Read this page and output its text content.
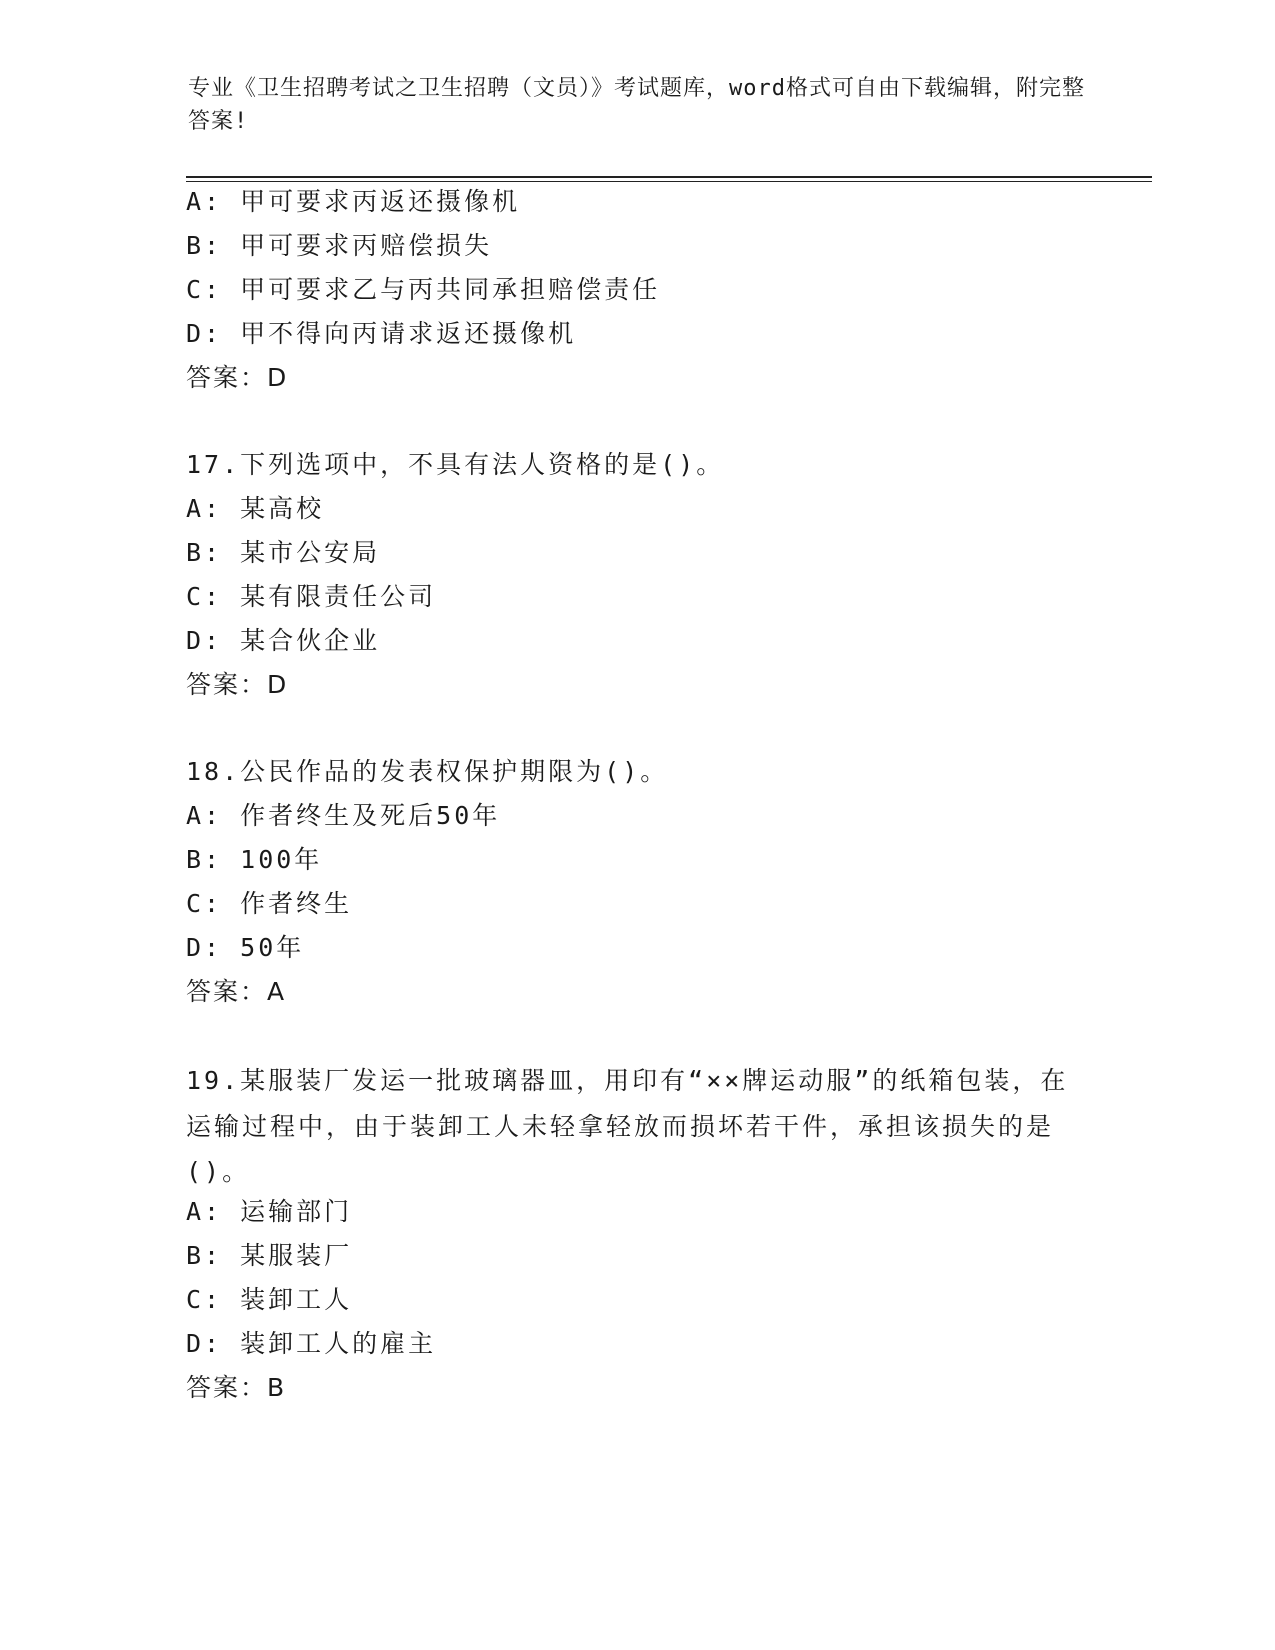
专业《卫生招聘考试之卫生招聘（文员）》考试题库，word格式可自由下载编辑，附完整答案!
A: 甲可要求丙返还摄像机
B: 甲可要求丙赔偿损失
C: 甲可要求乙与丙共同承担赔偿责任
D: 甲不得向丙请求返还摄像机
答案：D
17.下列选项中，不具有法人资格的是()。
A: 某高校
B: 某市公安局
C: 某有限责任公司
D: 某合伙企业
答案：D
18.公民作品的发表权保护期限为()。
A: 作者终生及死后50年
B: 100年
C: 作者终生
D: 50年
答案：A
19.某服装厂发运一批玻璃器皿，用印有“××牌运动服”的纸箱包装，在运输过程中，由于装卸工人未轻拿轻放而损坏若干件，承担该损失的是()。
A: 运输部门
B: 某服装厂
C: 装卸工人
D: 装卸工人的雇主
答案：B
